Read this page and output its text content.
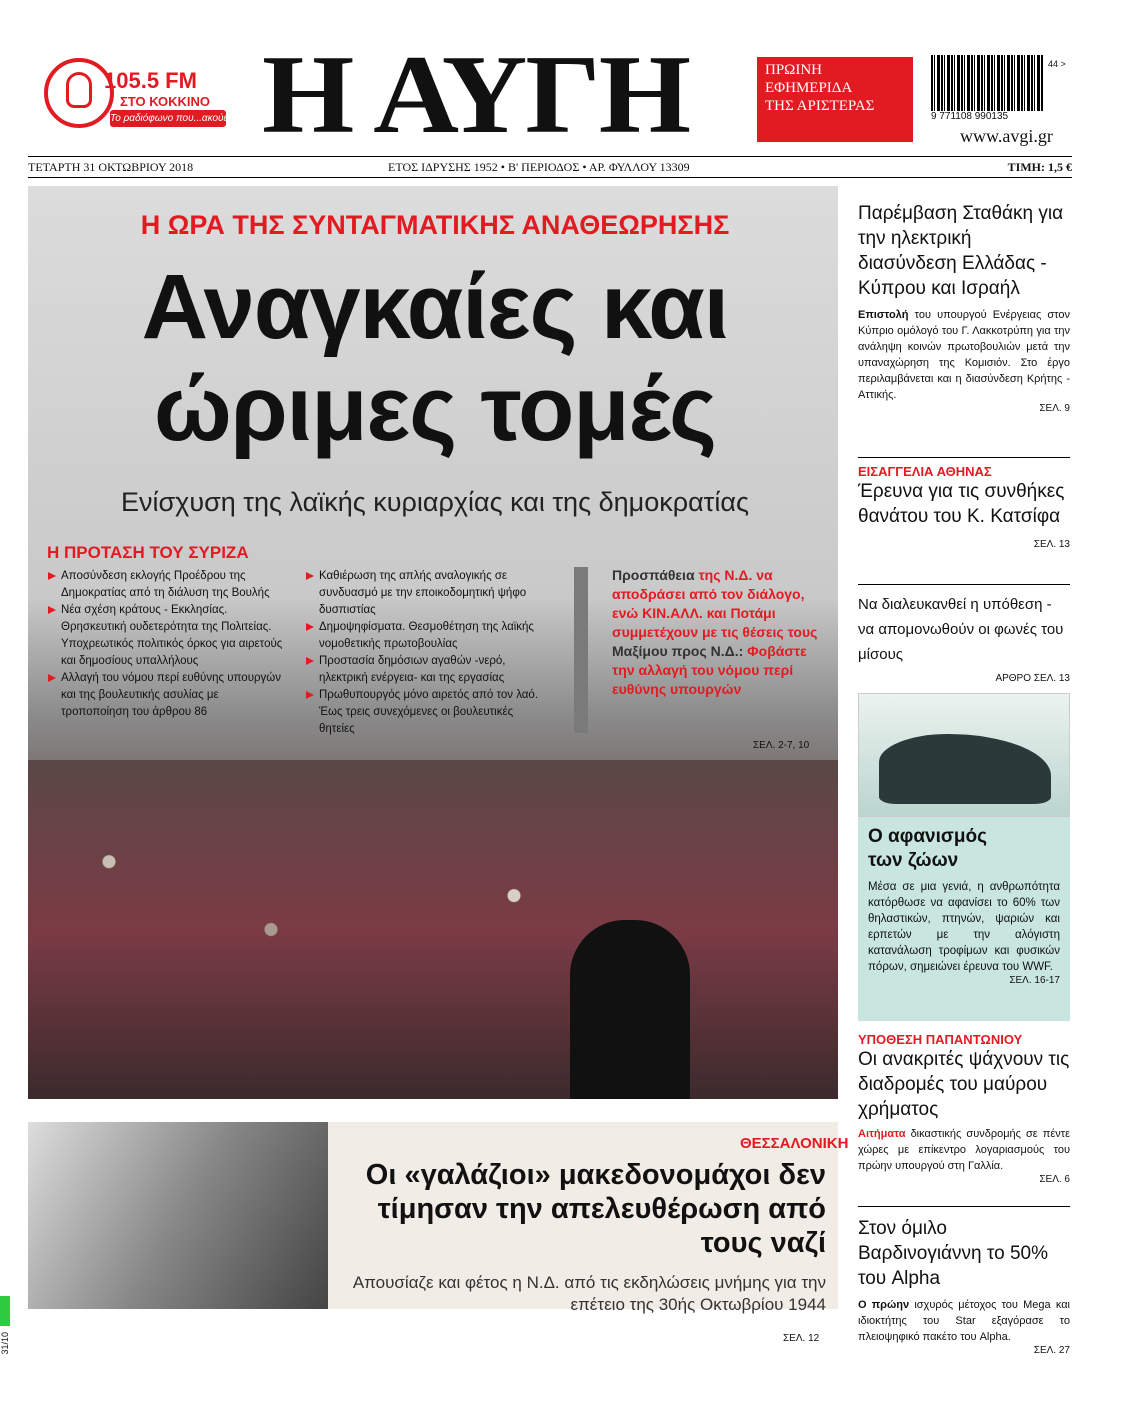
105.5 FM
ΣΤΟ ΚΟΚΚΙΝΟ
Το ραδιόφωνο που...ακούει! Η ΑΥΓΗ	ΠΡΩΙΝΗ
ΕΦΗΜΕΡΙΔΑ
ΤΗΣ ΑΡΙΣΤΕΡΑΣ
9 771108 990135
44 >
www.avgi.gr
ΤΕΤΑΡΤΗ 31 ΟΚΤΩΒΡΙΟΥ 2018	ΕΤΟΣ ΙΔΡΥΣΗΣ 1952 • Β' ΠΕΡΙΟΔΟΣ • ΑΡ. ΦΥΛΛΟΥ 13309	ΤΙΜΗ: 1,5 €
Η ΩΡΑ ΤΗΣ ΣΥΝΤΑΓΜΑΤΙΚΗΣ ΑΝΑΘΕΩΡΗΣΗΣ
Αναγκαίες και
ώριμες τομές
Ενίσχυση της λαϊκής κυριαρχίας και της δημοκρατίας
Η ΠΡΟΤΑΣΗ ΤΟΥ ΣΥΡΙΖΑ
Αποσύνδεση εκλογής Προέδρου της Δημοκρατίας από τη διάλυση της Βουλής
Νέα σχέση κράτους - Εκκλησίας. Θρησκευτική ουδετερότητα της Πολιτείας. Υποχρεωτικός πολιτικός όρκος για αιρετούς και δημοσίους υπαλλήλους
Αλλαγή του νόμου περί ευθύνης υπουργών και της βουλευτικής ασυλίας με τροποποίηση του άρθρου 86
Καθιέρωση της απλής αναλογικής σε συνδυασμό με την εποικοδομητική ψήφο δυσπιστίας
Δημοψηφίσματα. Θεσμοθέτηση της λαϊκής νομοθετικής πρωτοβουλίας
Προστασία δημόσιων αγαθών -νερό, ηλεκτρική ενέργεια- και της εργασίας
Πρωθυπουργός μόνο αιρετός από τον λαό. Έως τρεις συνεχόμενες οι βουλευτικές θητείες
Προσπάθεια της Ν.Δ. να αποδράσει από τον διάλογο, ενώ ΚΙΝ.ΑΛΛ. και Ποτάμι συμμετέχουν με τις θέσεις τους
Μαξίμου προς Ν.Δ.: Φοβάστε την αλλαγή του νόμου περί ευθύνης υπουργών
ΣΕΛ. 2-7, 10
ΘΕΣΣΑΛΟΝΙΚΗ
Οι «γαλάζιοι» μακεδονομάχοι δεν τίμησαν την απελευθέρωση από τους ναζί
Απουσίαζε και φέτος η Ν.Δ. από τις εκδηλώσεις μνήμης για την επέτειο της 30ής Οκτωβρίου 1944
ΣΕΛ. 12
Παρέμβαση Σταθάκη για την ηλεκτρική διασύνδεση Ελλάδας - Κύπρου και Ισραήλ
Επιστολή του υπουργού Ενέργειας στον Κύπριο ομόλογό του Γ. Λακκοτρύπη για την ανάληψη κοινών πρωτοβουλιών μετά την υπαναχώρηση της Κομισιόν. Στο έργο περιλαμβάνεται και η διασύνδεση Κρήτης - Αττικής.
ΣΕΛ. 9
ΕΙΣΑΓΓΕΛΙΑ ΑΘΗΝΑΣ
Έρευνα για τις συνθήκες θανάτου του Κ. Κατσίφα
ΣΕΛ. 13
Να διαλευκανθεί η υπόθεση - να απομονωθούν οι φωνές του μίσους
ΑΡΘΡΟ ΣΕΛ. 13
Ο αφανισμός των ζώων
Μέσα σε μια γενιά, η ανθρωπότητα κατόρθωσε να αφανίσει το 60% των θηλαστικών, πτηνών, ψαριών και ερπετών με την αλόγιστη κατανάλωση τροφίμων και φυσικών πόρων, σημειώνει έρευνα του WWF.
ΣΕΛ. 16-17
ΥΠΟΘΕΣΗ ΠΑΠΑΝΤΩΝΙΟΥ
Οι ανακριτές ψάχνουν τις διαδρομές του μαύρου χρήματος
Αιτήματα δικαστικής συνδρομής σε πέντε χώρες με επίκεντρο λογαριασμούς του πρώην υπουργού στη Γαλλία.
ΣΕΛ. 6
Στον όμιλο Βαρδινογιάννη το 50% του Alpha
Ο πρώην ισχυρός μέτοχος του Mega και ιδιοκτήτης του Star εξαγόρασε το πλειοψηφικό πακέτο του Alpha.
ΣΕΛ. 27
31/10
